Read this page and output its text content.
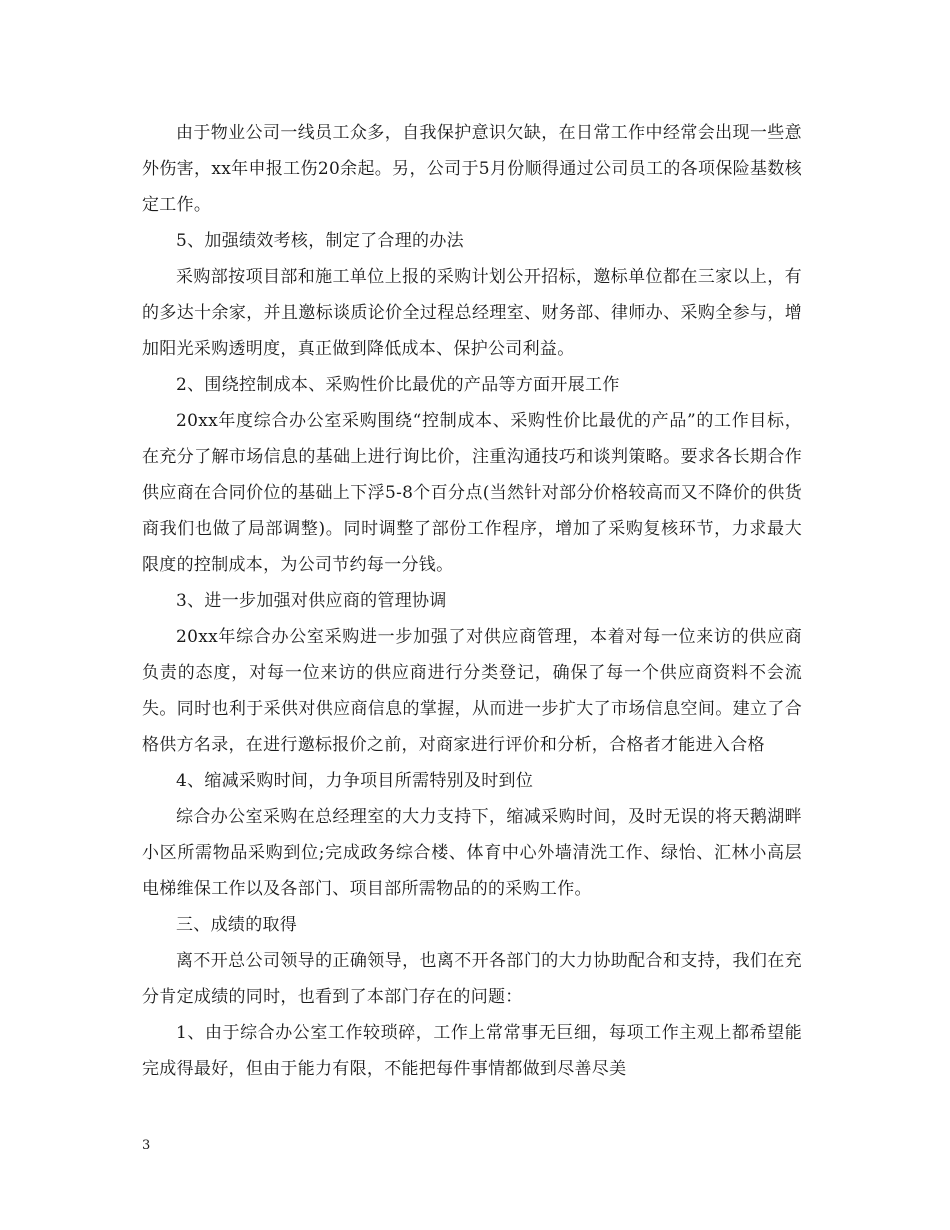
由于物业公司一线员工众多，自我保护意识欠缺，在日常工作中经常会出现一些意外伤害，xx年申报工伤20余起。另，公司于5月份顺得通过公司员工的各项保险基数核定工作。

5、加强绩效考核，制定了合理的办法

采购部按项目部和施工单位上报的采购计划公开招标，邀标单位都在三家以上，有的多达十余家，并且邀标谈质论价全过程总经理室、财务部、律师办、采购全参与，增加阳光采购透明度，真正做到降低成本、保护公司利益。

2、围绕控制成本、采购性价比最优的产品等方面开展工作

20xx年度综合办公室采购围绕“控制成本、采购性价比最优的产品”的工作目标，在充分了解市场信息的基础上进行询比价，注重沟通技巧和谈判策略。要求各长期合作供应商在合同价位的基础上下浮5-8个百分点(当然针对部分价格较高而又不降价的供货商我们也做了局部调整)。同时调整了部份工作程序，增加了采购复核环节，力求最大限度的控制成本，为公司节约每一分钱。

3、进一步加强对供应商的管理协调

20xx年综合办公室采购进一步加强了对供应商管理，本着对每一位来访的供应商负责的态度，对每一位来访的供应商进行分类登记，确保了每一个供应商资料不会流失。同时也利于采供对供应商信息的掌握，从而进一步扩大了市场信息空间。建立了合格供方名录，在进行邀标报价之前，对商家进行评价和分析，合格者才能进入合格

4、缩减采购时间，力争项目所需特别及时到位

综合办公室采购在总经理室的大力支持下，缩减采购时间，及时无误的将天鹅湖畔小区所需物品采购到位;完成政务综合楼、体育中心外墙清洗工作、绿怡、汇林小高层电梯维保工作以及各部门、项目部所需物品的的采购工作。

三、成绩的取得

离不开总公司领导的正确领导，也离不开各部门的大力协助配合和支持，我们在充分肯定成绩的同时，也看到了本部门存在的问题：

1、由于综合办公室工作较琐碎，工作上常常事无巨细，每项工作主观上都希望能完成得最好，但由于能力有限，不能把每件事情都做到尽善尽美

3
